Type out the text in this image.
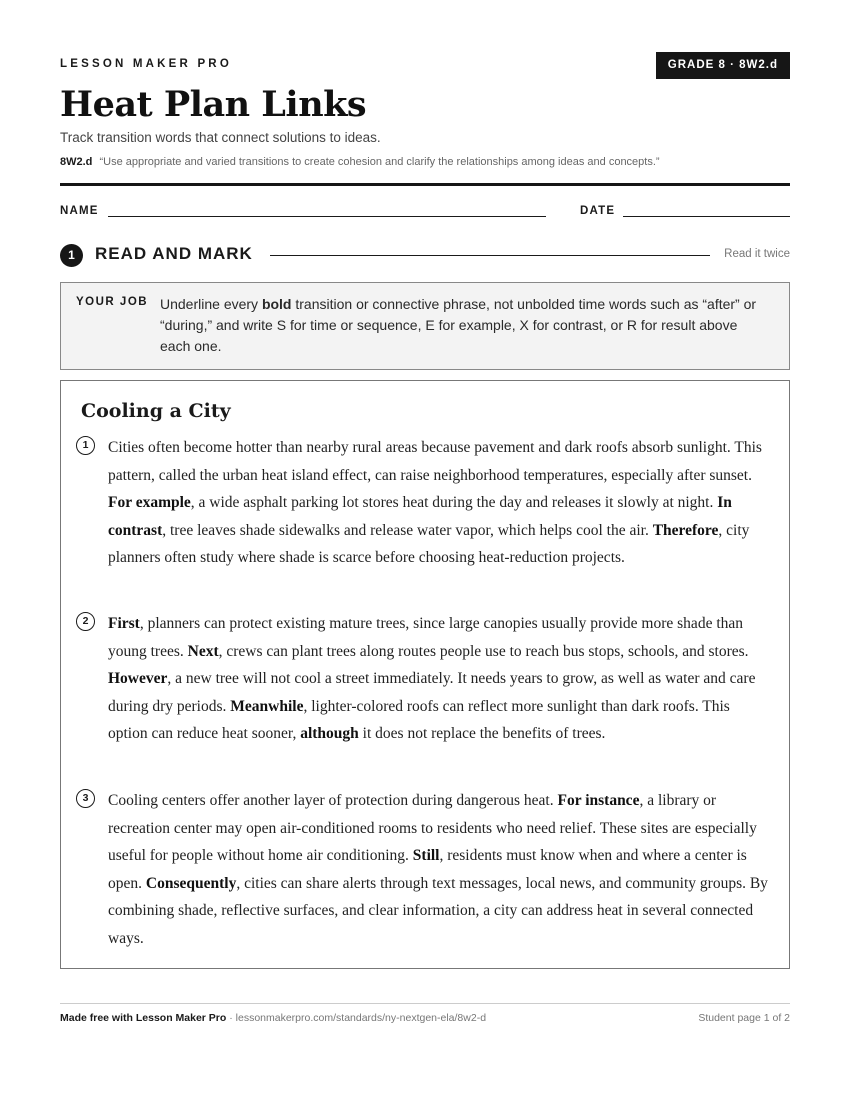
LESSON MAKER PRO	GRADE 8 · 8W2.d
Heat Plan Links
Track transition words that connect solutions to ideas.
8W2.d “Use appropriate and varied transitions to create cohesion and clarify the relationships among ideas and concepts.”
NAME	DATE
1	READ AND MARK	Read it twice
YOUR JOB Underline every bold transition or connective phrase, not unbolded time words such as “after” or “during,” and write S for time or sequence, E for example, X for contrast, or R for result above each one.
Cooling a City
1	Cities often become hotter than nearby rural areas because pavement and dark roofs absorb sunlight. This pattern, called the urban heat island effect, can raise neighborhood temperatures, especially after sunset. For example, a wide asphalt parking lot stores heat during the day and releases it slowly at night. In contrast, tree leaves shade sidewalks and release water vapor, which helps cool the air. Therefore, city planners often study where shade is scarce before choosing heat-reduction projects.
2	First, planners can protect existing mature trees, since large canopies usually provide more shade than young trees. Next, crews can plant trees along routes people use to reach bus stops, schools, and stores. However, a new tree will not cool a street immediately. It needs years to grow, as well as water and care during dry periods. Meanwhile, lighter-colored roofs can reflect more sunlight than dark roofs. This option can reduce heat sooner, although it does not replace the benefits of trees.
3	Cooling centers offer another layer of protection during dangerous heat. For instance, a library or recreation center may open air-conditioned rooms to residents who need relief. These sites are especially useful for people without home air conditioning. Still, residents must know when and where a center is open. Consequently, cities can share alerts through text messages, local news, and community groups. By combining shade, reflective surfaces, and clear information, a city can address heat in several connected ways.
Made free with Lesson Maker Pro · lessonmakerpro.com/standards/ny-nextgen-ela/8w2-d	Student page 1 of 2
